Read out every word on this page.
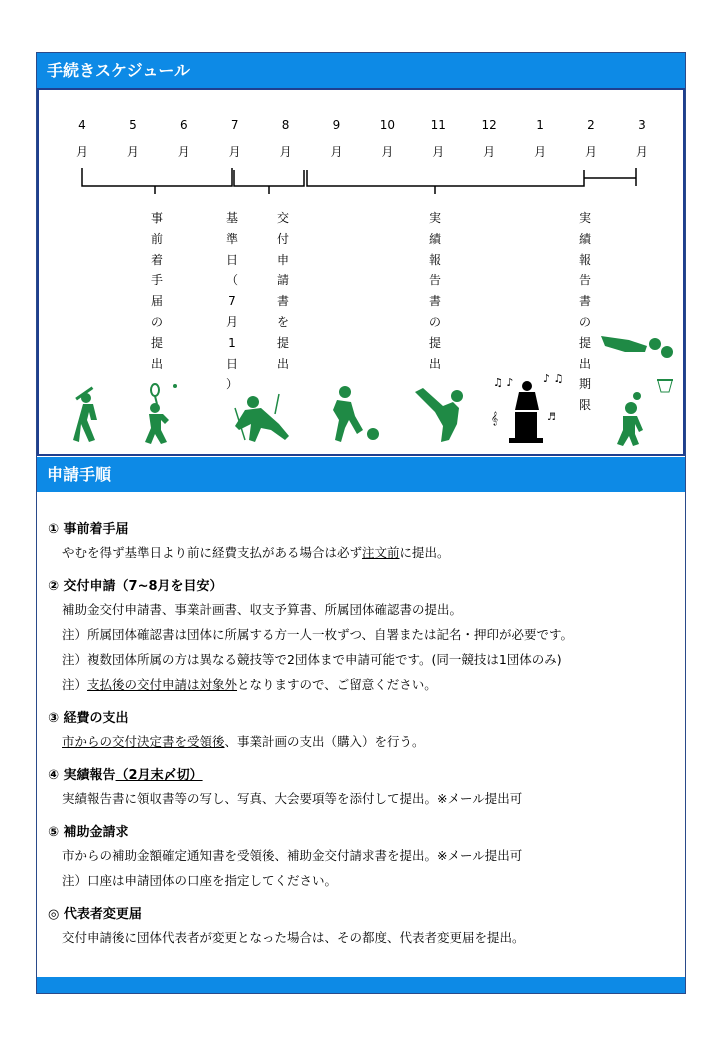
手続きスケジュール
4
月
5
月
6
月
7
月
8
月
9
月
10
月
11
月
12
月
1
月
2
月
3
月
♫ ♪	♪ ♫
𝄞	♬
事
前
着
手
届
の
提
出
基
準
日
（
7
月
1
日
）
交
付
申
請
書
を
提
出
実
績
報
告
書
の
提
出
実
績
報
告
書
の
提
出
期
限
申請手順
① 事前着手届

やむを得ず基準日より前に経費支払がある場合は必ず注文前に提出。

② 交付申請（7~8月を目安）

補助金交付申請書、事業計画書、収支予算書、所属団体確認書の提出。

注）所属団体確認書は団体に所属する方一人一枚ずつ、自署または記名・押印が必要です。

注）複数団体所属の方は異なる競技等で2団体まで申請可能です。(同一競技は1団体のみ)

注）支払後の交付申請は対象外となりますので、ご留意ください。

③ 経費の支出

市からの交付決定書を受領後、事業計画の支出（購入）を行う。

④ 実績報告（2月末〆切）

実績報告書に領収書等の写し、写真、大会要項等を添付して提出。※メール提出可

⑤ 補助金請求

市からの補助金額確定通知書を受領後、補助金交付請求書を提出。※メール提出可

注）口座は申請団体の口座を指定してください。

◎ 代表者変更届

交付申請後に団体代表者が変更となった場合は、その都度、代表者変更届を提出。
